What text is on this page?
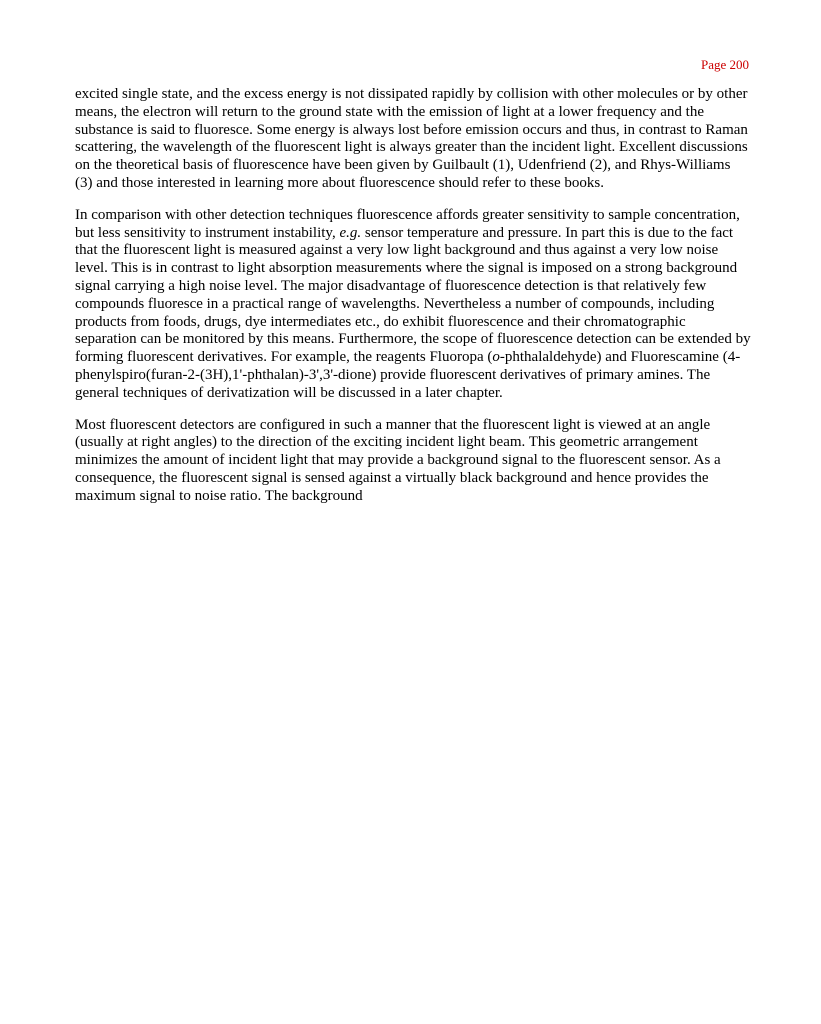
Page 200

excited single state, and the excess energy is not dissipated rapidly by collision with other molecules or by other means, the electron will return to the ground state with the emission of light at a lower frequency and the substance is said to fluoresce. Some energy is always lost before emission occurs and thus, in contrast to Raman scattering, the wavelength of the fluorescent light is always greater than the incident light. Excellent discussions on the theoretical basis of fluorescence have been given by Guilbault (1), Udenfriend (2), and Rhys-Williams (3) and those interested in learning more about fluorescence should refer to these books.

In comparison with other detection techniques fluorescence affords greater sensitivity to sample concentration, but less sensitivity to instrument instability, e.g. sensor temperature and pressure. In part this is due to the fact that the fluorescent light is measured against a very low light background and thus against a very low noise level. This is in contrast to light absorption measurements where the signal is imposed on a strong background signal carrying a high noise level. The major disadvantage of fluorescence detection is that relatively few compounds fluoresce in a practical range of wavelengths. Nevertheless a number of compounds, including products from foods, drugs, dye intermediates etc., do exhibit fluorescence and their chromatographic separation can be monitored by this means. Furthermore, the scope of fluorescence detection can be extended by forming fluorescent derivatives. For example, the reagents Fluoropa (o-phthalaldehyde) and Fluorescamine (4-phenylspiro(furan-2-(3H),1'-phthalan)-3',3'-dione) provide fluorescent derivatives of primary amines. The general techniques of derivatization will be discussed in a later chapter.

Most fluorescent detectors are configured in such a manner that the fluorescent light is viewed at an angle (usually at right angles) to the direction of the exciting incident light beam. This geometric arrangement minimizes the amount of incident light that may provide a background signal to the fluorescent sensor. As a consequence, the fluorescent signal is sensed against a virtually black background and hence provides the maximum signal to noise ratio. The background
